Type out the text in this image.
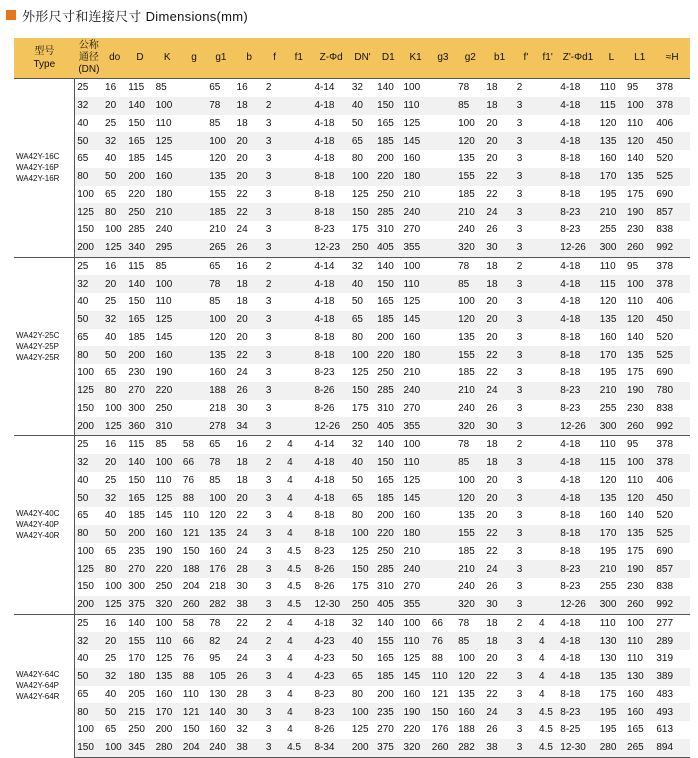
外形尺寸和连接尺寸 Dimensions(mm)
型号
Type	公称
通径
(DN)	do	D	K	g	g1	b	f	f1	Z-Φd	DN'	D1	K1	g3	g2	b1	f'	f1'	Z'-Φd1	L	L1	≈H

WA42Y-16C
WA42Y-16P
WA42Y-16R	25	16	115	85		65	16	2		4-14	32	140	100		78	18	2		4-18	110	95	378
	32	20	140	100		78	18	2		4-18	40	150	110		85	18	3		4-18	115	100	378
	40	25	150	110		85	18	3		4-18	50	165	125		100	20	3		4-18	120	110	406
	50	32	165	125		100	20	3		4-18	65	185	145		120	20	3		4-18	135	120	450
	65	40	185	145		120	20	3		4-18	80	200	160		135	20	3		8-18	160	140	520
	80	50	200	160		135	20	3		8-18	100	220	180		155	22	3		8-18	170	135	525
	100	65	220	180		155	22	3		8-18	125	250	210		185	22	3		8-18	195	175	690
	125	80	250	210		185	22	3		8-18	150	285	240		210	24	3		8-23	210	190	857
	150	100	285	240		210	24	3		8-23	175	310	270		240	26	3		8-23	255	230	838
	200	125	340	295		265	26	3		12-23	250	405	355		320	30	3		12-26	300	260	992

WA42Y-25C
WA42Y-25P
WA42Y-25R	25	16	115	85		65	16	2		4-14	32	140	100		78	18	2		4-18	110	95	378
	32	20	140	100		78	18	2		4-18	40	150	110		85	18	3		4-18	115	100	378
	40	25	150	110		85	18	3		4-18	50	165	125		100	20	3		4-18	120	110	406
	50	32	165	125		100	20	3		4-18	65	185	145		120	20	3		4-18	135	120	450
	65	40	185	145		120	20	3		8-18	80	200	160		135	20	3		8-18	160	140	520
	80	50	200	160		135	22	3		8-18	100	220	180		155	22	3		8-18	170	135	525
	100	65	230	190		160	24	3		8-23	125	250	210		185	22	3		8-18	195	175	690
	125	80	270	220		188	26	3		8-26	150	285	240		210	24	3		8-23	210	190	780
	150	100	300	250		218	30	3		8-26	175	310	270		240	26	3		8-23	255	230	838
	200	125	360	310		278	34	3		12-26	250	405	355		320	30	3		12-26	300	260	992

WA42Y-40C
WA42Y-40P
WA42Y-40R	25	16	115	85	58	65	16	2	4	4-14	32	140	100		78	18	2		4-18	110	95	378
	32	20	140	100	66	78	18	2	4	4-18	40	150	110		85	18	3		4-18	115	100	378
	40	25	150	110	76	85	18	3	4	4-18	50	165	125		100	20	3		4-18	120	110	406
	50	32	165	125	88	100	20	3	4	4-18	65	185	145		120	20	3		4-18	135	120	450
	65	40	185	145	110	120	22	3	4	8-18	80	200	160		135	20	3		8-18	160	140	520
	80	50	200	160	121	135	24	3	4	8-18	100	220	180		155	22	3		8-18	170	135	525
	100	65	235	190	150	160	24	3	4.5	8-23	125	250	210		185	22	3		8-18	195	175	690
	125	80	270	220	188	176	28	3	4.5	8-26	150	285	240		210	24	3		8-23	210	190	857
	150	100	300	250	204	218	30	3	4.5	8-26	175	310	270		240	26	3		8-23	255	230	838
	200	125	375	320	260	282	38	3	4.5	12-30	250	405	355		320	30	3		12-26	300	260	992

WA42Y-64C
WA42Y-64P
WA42Y-64R	25	16	140	100	58	78	22	2	4	4-18	32	140	100	66	78	18	2	4	4-18	110	100	277
	32	20	155	110	66	82	24	2	4	4-23	40	155	110	76	85	18	3	4	4-18	130	110	289
	40	25	170	125	76	95	24	3	4	4-23	50	165	125	88	100	20	3	4	4-18	130	110	319
	50	32	180	135	88	105	26	3	4	4-23	65	185	145	110	120	22	3	4	4-18	135	130	389
	65	40	205	160	110	130	28	3	4	8-23	80	200	160	121	135	22	3	4	8-18	175	160	483
	80	50	215	170	121	140	30	3	4	8-23	100	235	190	150	160	24	3	4.5	8-23	195	160	493
	100	65	250	200	150	160	32	3	4	8-26	125	270	220	176	188	26	3	4.5	8-25	195	165	613
	150	100	345	280	204	240	38	3	4.5	8-34	200	375	320	260	282	38	3	4.5	12-30	280	265	894
